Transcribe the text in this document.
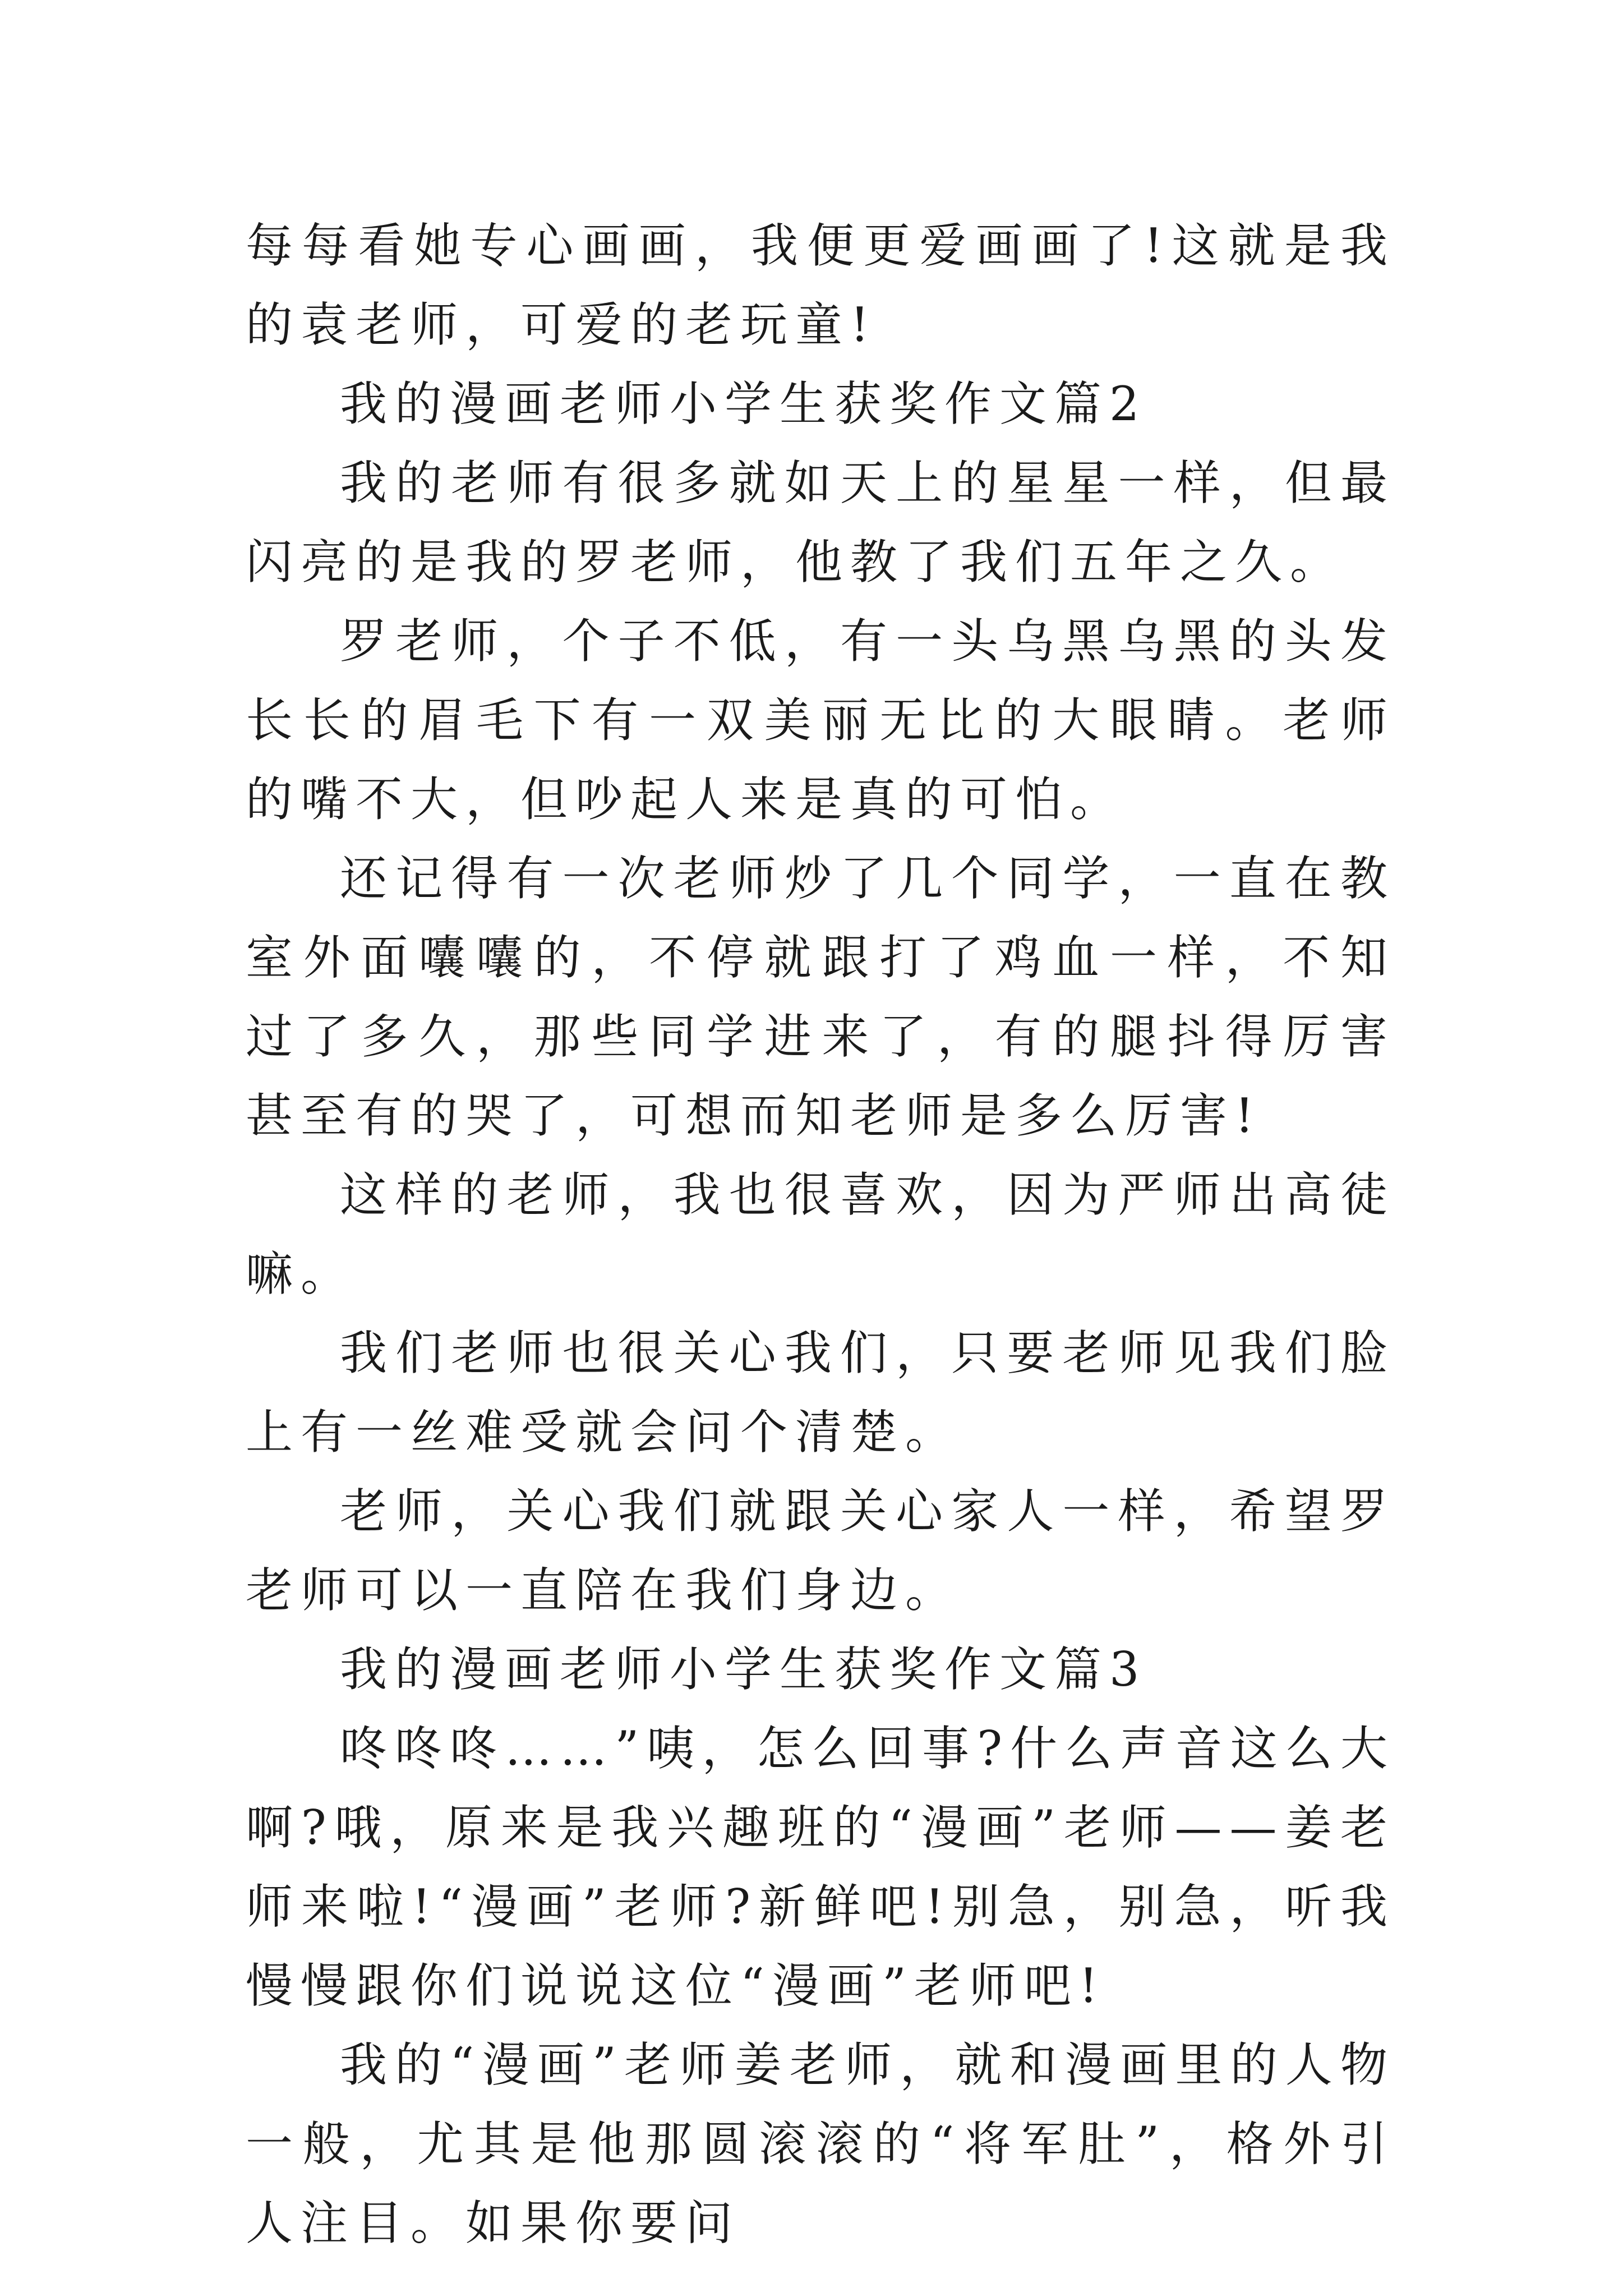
每每看她专心画画，我便更爱画画了!这就是我的袁老师，可爱的老玩童!

我的漫画老师小学生获奖作文篇2

我的老师有很多就如天上的星星一样，但最闪亮的是我的罗老师，他教了我们五年之久。

罗老师，个子不低，有一头乌黑乌黑的头发长长的眉毛下有一双美丽无比的大眼睛。老师的嘴不大，但吵起人来是真的可怕。

还记得有一次老师炒了几个同学，一直在教室外面囔囔的，不停就跟打了鸡血一样，不知过了多久，那些同学进来了，有的腿抖得厉害甚至有的哭了，可想而知老师是多么厉害!

这样的老师，我也很喜欢，因为严师出高徒嘛。

我们老师也很关心我们，只要老师见我们脸上有一丝难受就会问个清楚。

老师，关心我们就跟关心家人一样，希望罗老师可以一直陪在我们身边。

我的漫画老师小学生获奖作文篇3

咚咚咚……”咦，怎么回事?什么声音这么大啊?哦，原来是我兴趣班的“漫画”老师——姜老师来啦!“漫画”老师?新鲜吧!别急，别急，听我慢慢跟你们说说这位“漫画”老师吧!

我的“漫画”老师姜老师，就和漫画里的人物一般，尤其是他那圆滚滚的“将军肚”，格外引人注目。如果你要问
